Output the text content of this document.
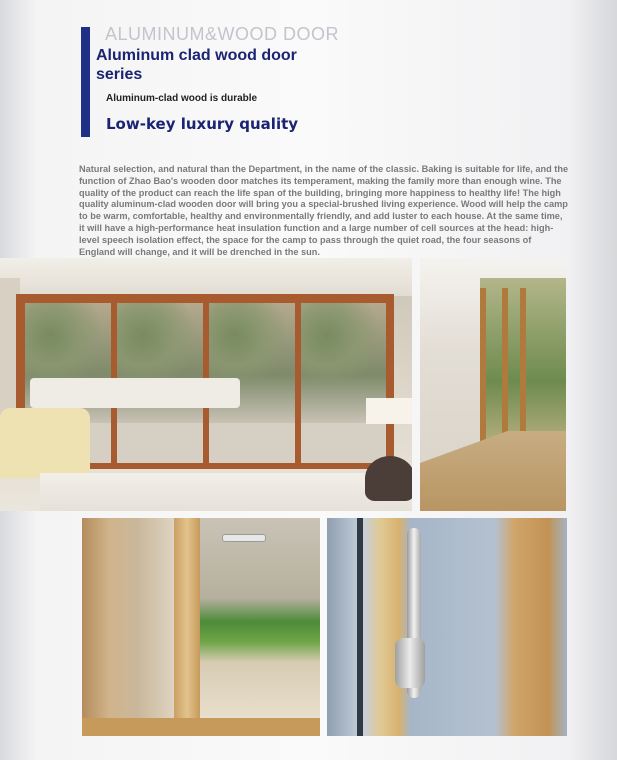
ALUMINUM&WOOD DOOR
Aluminum clad wood door series
Aluminum-clad wood is durable
Low-key luxury quality
Natural selection, and natural than the Department, in the name of the classic. Baking is suitable for life, and the function of Zhao Bao's wooden door matches its temperament, making the family more than enough wine. The quality of the product can reach the life span of the building, bringing more happiness to healthy life! The high quality aluminum-clad wooden door will bring you a special-brushed living experience. Wood will help the camp to be warm, comfortable, healthy and environmentally friendly, and add luster to each house. At the same time, it will have a high-performance heat insulation function and a large number of cell sources at the head: high-level speech isolation effect, the space for the camp to pass through the quiet road, the four seasons of England will change, and it will be drenched in the sun.
